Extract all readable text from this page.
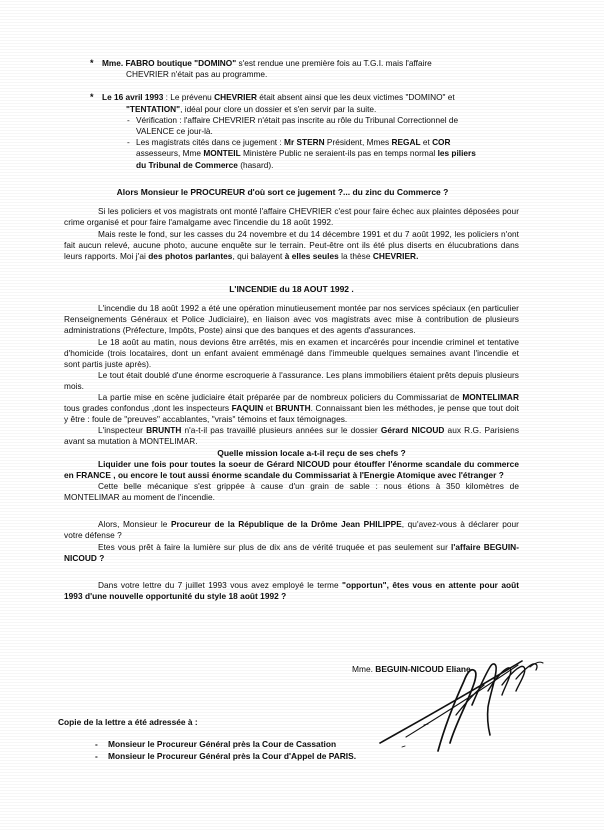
* Mme. FABRO boutique "DOMINO" s'est rendue une première fois au T.G.I. mais l'affaire
CHEVRIER n'était pas au programme.
* Le 16 avril 1993 : Le prévenu CHEVRIER était absent ainsi que les deux victimes "DOMINO" et
"TENTATION", idéal pour clore un dossier et s'en servir par la suite.
- Vérification : l'affaire CHEVRIER n'était pas inscrite au rôle du Tribunal Correctionnel de
VALENCE ce jour-là.
- Les magistrats cités dans ce jugement : Mr STERN Président, Mmes REGAL et COR
assesseurs, Mme MONTEIL Ministère Public ne seraient-ils pas en temps normal les piliers
du Tribunal de Commerce (hasard).

Alors Monsieur le PROCUREUR d'où sort ce jugement ?... du zinc du Commerce ?

Si les policiers et vos magistrats ont monté l'affaire CHEVRIER c'est pour faire échec aux plaintes déposées pour crime organisé et pour faire l'amalgame avec l'incendie du 18 août 1992.

Mais reste le fond, sur les casses du 24 novembre et du 14 décembre 1991 et du 7 août 1992, les policiers n'ont fait aucun relevé, aucune photo, aucune enquête sur le terrain. Peut-être ont ils été plus diserts en élucubrations dans leurs rapports. Moi j'ai des photos parlantes, qui balayent à elles seules la thèse CHEVRIER.

L'INCENDIE du 18 AOUT 1992 .

L'incendie du 18 août 1992 a été une opération minutieusement montée par nos services spéciaux (en particulier Renseignements Généraux et Police Judiciaire), en liaison avec vos magistrats avec mise à contribution de plusieurs administrations (Préfecture, Impôts, Poste) ainsi que des banques et des agents d'assurances.

Le 18 août au matin, nous devions être arrêtés, mis en examen et incarcérés pour incendie criminel et tentative d'homicide (trois locataires, dont un enfant avaient emménagé dans l'immeuble quelques semaines avant l'incendie et sont partis juste après).

Le tout était doublé d'une énorme escroquerie à l'assurance. Les plans immobiliers étaient prêts depuis plusieurs mois.

La partie mise en scène judiciaire était préparée par de nombreux policiers du Commissariat de MONTELIMAR tous grades confondus ,dont les inspecteurs FAQUIN et BRUNTH. Connaissant bien les méthodes, je pense que tout doit y être : foule de "preuves" accablantes, "vrais" témoins et faux témoignages.

L'inspecteur BRUNTH n'a-t-il pas travaillé plusieurs années sur le dossier Gérard NICOUD aux R.G. Parisiens avant sa mutation à MONTELIMAR.

Quelle mission locale a-t-il reçu de ses chefs ?

Liquider une fois pour toutes la soeur de Gérard NICOUD pour étouffer l'énorme scandale du commerce en FRANCE , ou encore le tout aussi énorme scandale du Commissariat à l'Energie Atomique avec l'étranger ?

Cette belle mécanique s'est grippée à cause d'un grain de sable : nous étions à 350 kilomètres de MONTELIMAR au moment de l'incendie.

Alors, Monsieur le Procureur de la République de la Drôme Jean PHILIPPE, qu'avez-vous à déclarer pour votre défense ?

Etes vous prêt à faire la lumière sur plus de dix ans de vérité truquée et pas seulement sur l'affaire BEGUIN-NICOUD ?

Dans votre lettre du 7 juillet 1993 vous avez employé le terme "opportun", êtes vous en attente pour août 1993 d'une nouvelle opportunité du style 18 août 1992 ?

Mme. BEGUIN-NICOUD Eliane
Copie de la lettre a été adressée à :
- Monsieur le Procureur Général près la Cour de Cassation
- Monsieur le Procureur Général près la Cour d'Appel de PARIS.
